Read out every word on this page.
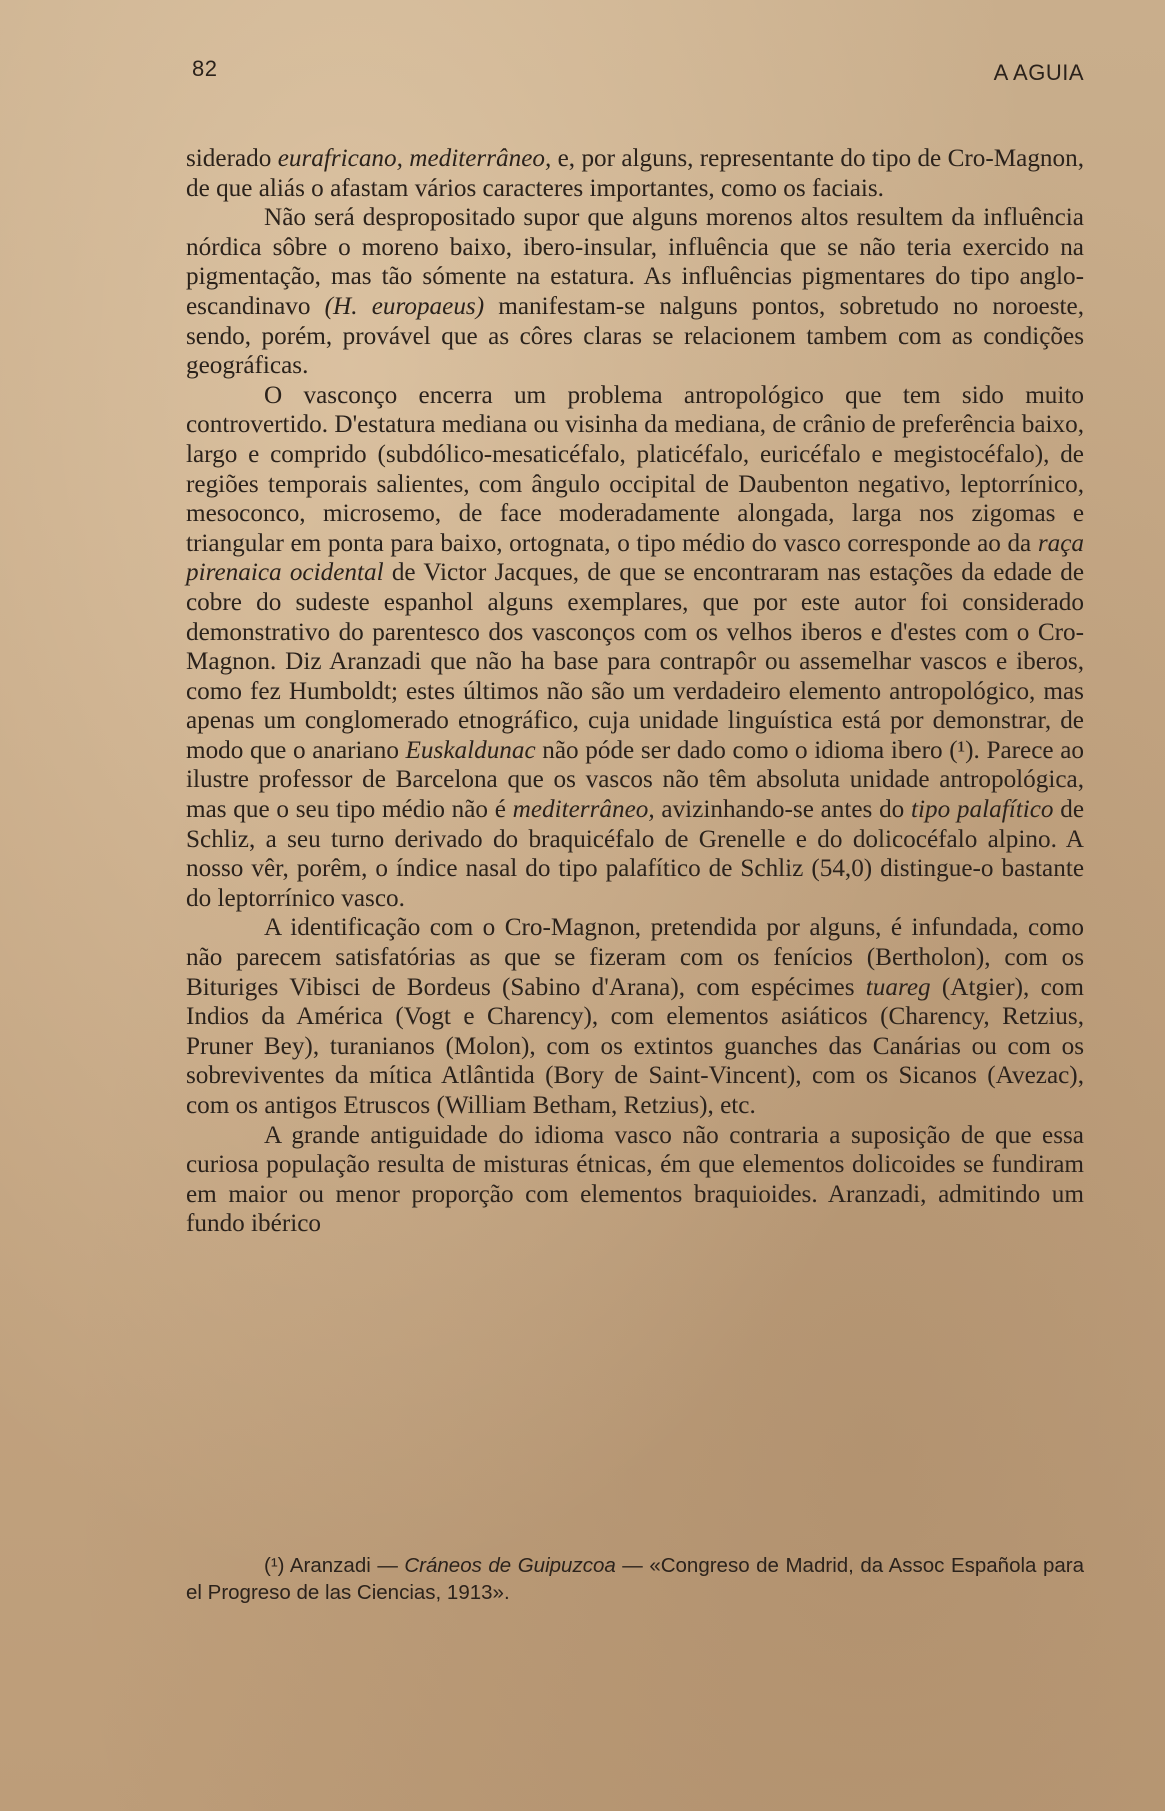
82	A AGUIA

siderado eurafricano, mediterrâneo, e, por alguns, representante do tipo de Cro-Magnon, de que aliás o afastam vários caracteres importantes, como os faciais.

Não será despropositado supor que alguns morenos altos resultem da influência nórdica sôbre o moreno baixo, ibero-insular, influência que se não teria exercido na pigmentação, mas tão sómente na estatura. As influências pigmentares do tipo anglo-escandinavo (H. europaeus) manifestam-se nalguns pontos, sobretudo no noroeste, sendo, porém, provável que as côres claras se relacionem tambem com as condições geográficas.

O vasconço encerra um problema antropológico que tem sido muito controvertido. D'estatura mediana ou visinha da mediana, de crânio de preferência baixo, largo e comprido (subdólico-mesaticéfalo, platicéfalo, euricéfalo e megistocéfalo), de regiões temporais salientes, com ângulo occipital de Daubenton negativo, leptorrínico, mesoconco, microsemo, de face moderadamente alongada, larga nos zigomas e triangular em ponta para baixo, ortognata, o tipo médio do vasco corresponde ao da raça pirenaica ocidental de Victor Jacques, de que se encontraram nas estações da edade de cobre do sudeste espanhol alguns exemplares, que por este autor foi considerado demonstrativo do parentesco dos vasconços com os velhos iberos e d'estes com o Cro-Magnon. Diz Aranzadi que não ha base para contrapôr ou assemelhar vascos e iberos, como fez Humboldt; estes últimos não são um verdadeiro elemento antropológico, mas apenas um conglomerado etnográfico, cuja unidade linguística está por demonstrar, de modo que o anariano Euskaldunac não póde ser dado como o idioma ibero (¹). Parece ao ilustre professor de Barcelona que os vascos não têm absoluta unidade antropológica, mas que o seu tipo médio não é mediterrâneo, avizinhando-se antes do tipo palafítico de Schliz, a seu turno derivado do braquicéfalo de Grenelle e do dolicocéfalo alpino. A nosso vêr, porêm, o índice nasal do tipo palafítico de Schliz (54,0) distingue-o bastante do leptorrínico vasco.

A identificação com o Cro-Magnon, pretendida por alguns, é infundada, como não parecem satisfatórias as que se fizeram com os fenícios (Bertholon), com os Bituriges Vibisci de Bordeus (Sabino d'Arana), com espécimes tuareg (Atgier), com Indios da América (Vogt e Charency), com elementos asiáticos (Charency, Retzius, Pruner Bey), turanianos (Molon), com os extintos guanches das Canárias ou com os sobreviventes da mítica Atlântida (Bory de Saint-Vincent), com os Sicanos (Avezac), com os antigos Etruscos (William Betham, Retzius), etc.

A grande antiguidade do idioma vasco não contraria a suposição de que essa curiosa população resulta de misturas étnicas, ém que elementos dolicoides se fundiram em maior ou menor proporção com elementos braquioides. Aranzadi, admitindo um fundo ibérico

(¹) Aranzadi — Cráneos de Guipuzcoa — «Congreso de Madrid, da Assoc Española para el Progreso de las Ciencias, 1913».
